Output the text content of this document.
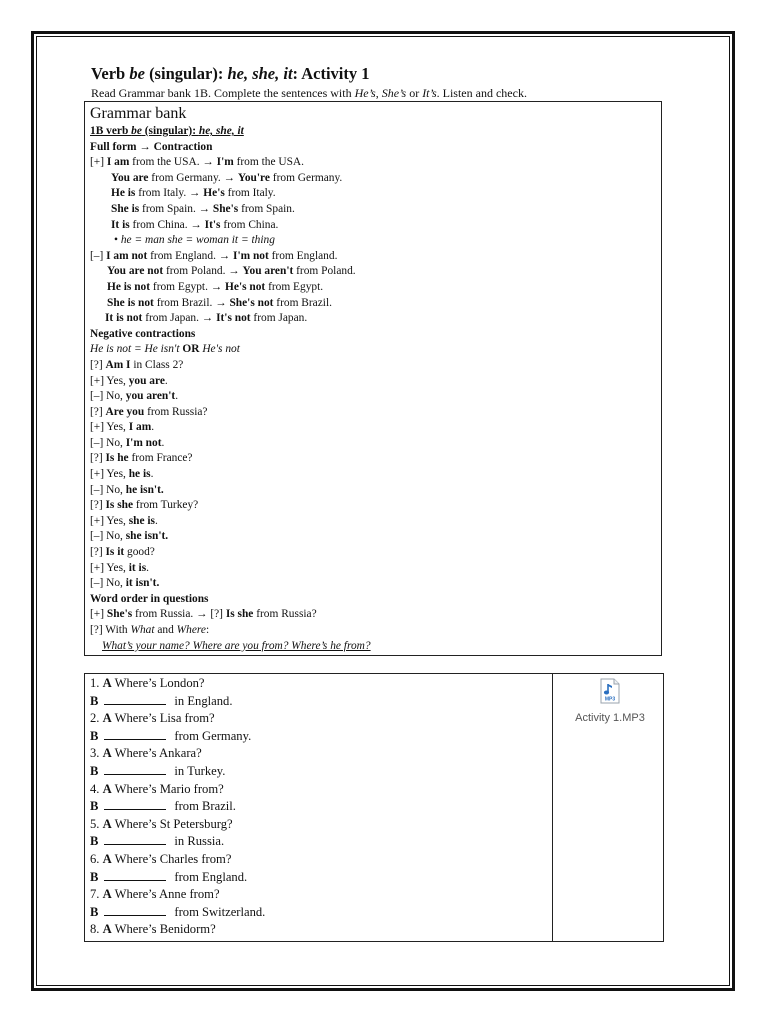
Verb be (singular): he, she, it: Activity 1
Read Grammar bank 1B. Complete the sentences with He’s, She’s or It’s. Listen and check.
Grammar bank
1B verb be (singular): he, she, it
Full form → Contraction
[+] I am from the USA. → I'm from the USA.
You are from Germany. → You're from Germany.
He is from Italy. → He's from Italy.
She is from Spain. → She's from Spain.
It is from China. → It's from China.
• he = man she = woman it = thing
[–] I am not from England. → I'm not from England.
You are not from Poland. → You aren't from Poland.
He is not from Egypt. → He's not from Egypt.
She is not from Brazil. → She's not from Brazil.
It is not from Japan. → It's not from Japan.
Negative contractions
He is not = He isn't OR He's not
[?] Am I in Class 2?
[+] Yes, you are.
[–] No, you aren't.
[?] Are you from Russia?
[+] Yes, I am.
[–] No, I'm not.
[?] Is he from France?
[+] Yes, he is.
[–] No, he isn't.
[?] Is she from Turkey?
[+] Yes, she is.
[–] No, she isn't.
[?] Is it good?
[+] Yes, it is.
[–] No, it isn't.
Word order in questions
[+] She's from Russia. → [?] Is she from Russia?
[?] With What and Where:
What’s your name? Where are you from? Where’s he from?
1. A Where’s London?
B	in England.
2. A Where’s Lisa from?
B	from Germany.
3. A Where’s Ankara?
B	in Turkey.
4. A Where’s Mario from?
B	from Brazil.
5. A Where’s St Petersburg?
B	in Russia.
6. A Where’s Charles from?
B	from England.
7. A Where’s Anne from?
B	from Switzerland.
8. A Where’s Benidorm?
MP3
Activity 1.MP3
